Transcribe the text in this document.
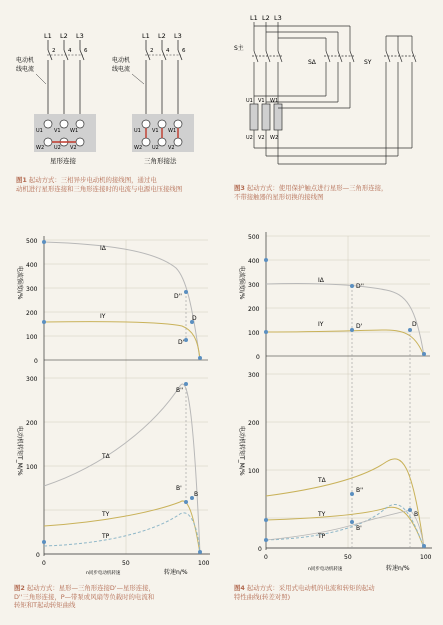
L1 L2 L3
2 4 6
电动机
线电流
U1 V1 W1
W2 U2 V2
星形连接
L1 L2 L3
2 4 6
电动机
线电流
U1 V1 W1
W2 U2 V2
三角形接法
图1 起动方式：三相异步电动机的接线图，通过电
动机进行星形连接和三角形连接时的电流与电源电压接线图
L1 L2 L3
S主
SΔ	SY
U1 V1 W1
U2 V2 W2
图3 起动方式：使用保护触点进行星形—三角形连接，
不带接触器的星形切换的接线图
500
400
300
200
100
0
300
200
100
0
0	50	100
n同步电动机转速	转速n/%
电流强度I/%
电动机转矩T_M/%
IΔ
IY
D''
D
D'
TΔ
TY
TP
B''
B
B'
图2 起动方式：星形—三角形连接D'—星形连接，
D''三角形连接，P—带泵或风扇等负载时的电流和
转矩和T起动转矩曲线
500
400
300
200
100
0
300
200
100
0
0	50	100
n同步电动机转速	转速n/%
电流强度I/%
电动机转矩T_M/%
IΔ
IY
D''
D'	D
TΔ
TY
TP
B''
B'
B
图4 起动方式：采用式电动机的电流和转矩的起动
特性曲线(转差对照)
